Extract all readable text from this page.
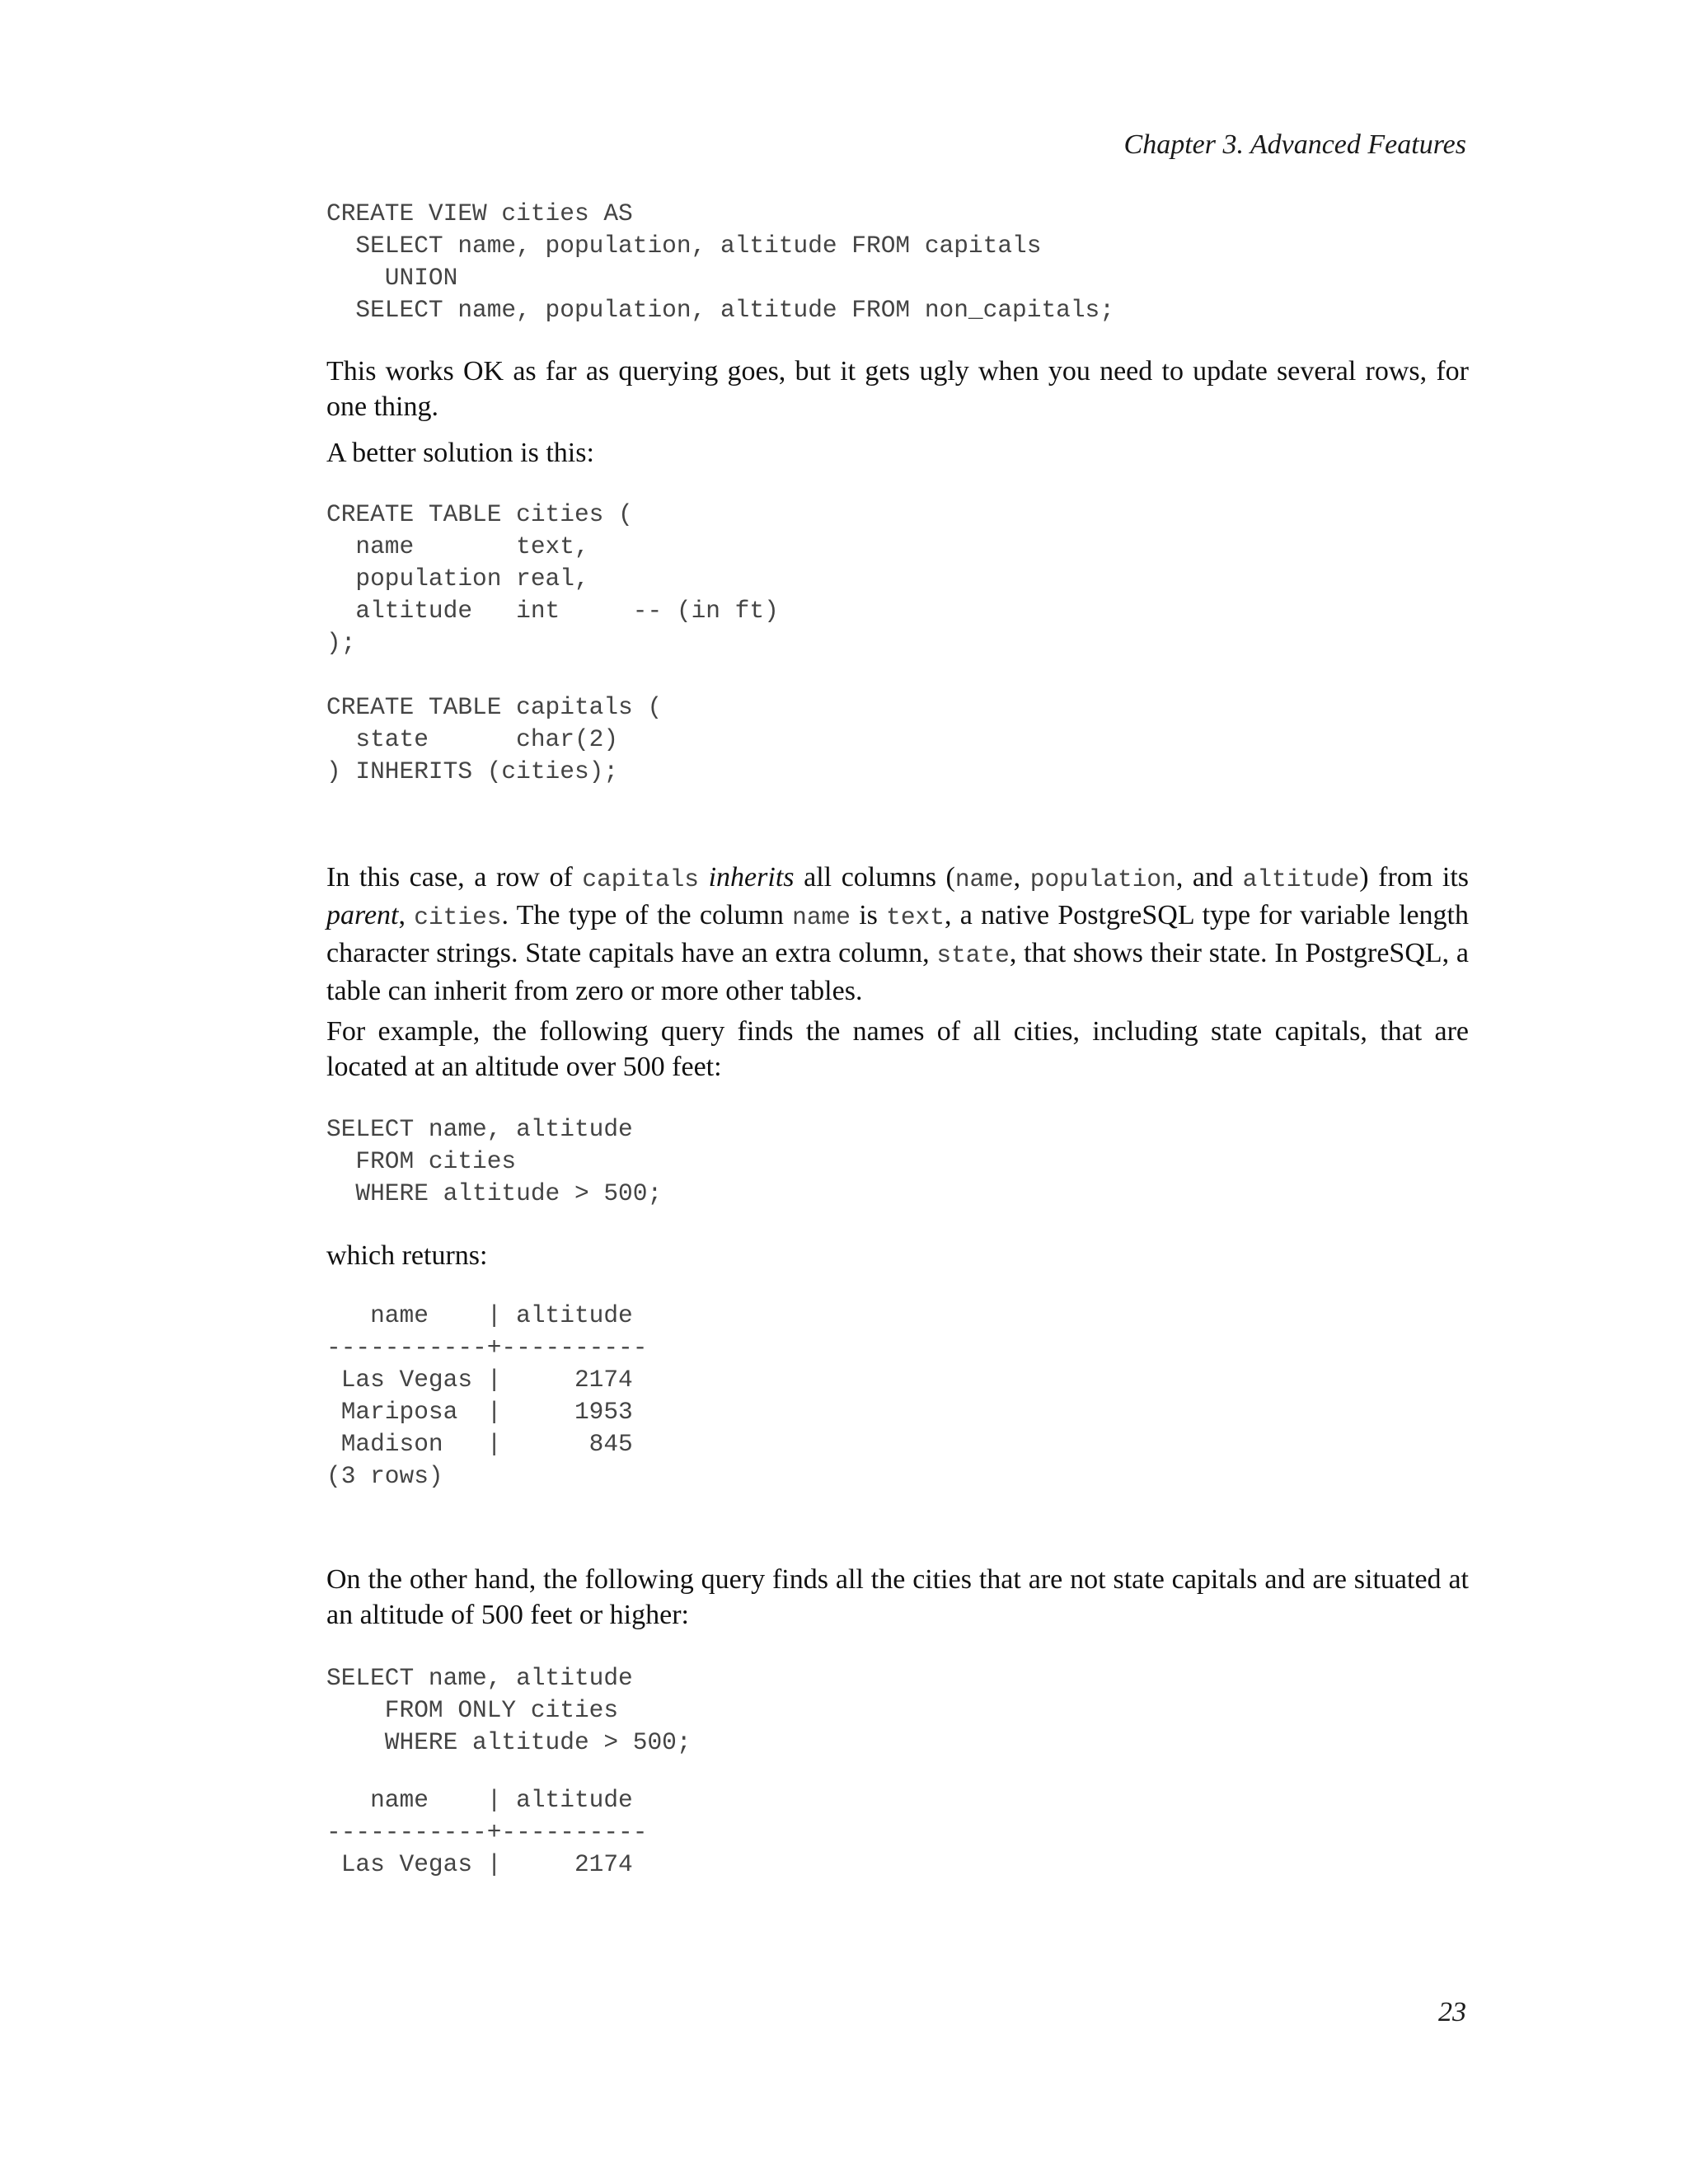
Chapter 3. Advanced Features
CREATE VIEW cities AS
SELECT name, population, altitude FROM capitals
UNION
SELECT name, population, altitude FROM non_capitals;

This works OK as far as querying goes, but it gets ugly when you need to update several rows, for one thing.

A better solution is this:

CREATE TABLE cities (
name       text,
population real,
altitude   int     -- (in ft)
);

CREATE TABLE capitals (
state      char(2)
) INHERITS (cities);

In this case, a row of capitals inherits all columns (name, population, and altitude) from its parent, cities. The type of the column name is text, a native PostgreSQL type for variable length character strings. State capitals have an extra column, state, that shows their state. In PostgreSQL, a table can inherit from zero or more other tables.

For example, the following query finds the names of all cities, including state capitals, that are located at an altitude over 500 feet:

SELECT name, altitude
FROM cities
WHERE altitude > 500;

which returns:

name    | altitude
-----------+----------
Las Vegas |     2174
Mariposa  |     1953
Madison   |      845
(3 rows)

On the other hand, the following query finds all the cities that are not state capitals and are situated at an altitude of 500 feet or higher:

SELECT name, altitude
FROM ONLY cities
WHERE altitude > 500;
name    | altitude
-----------+----------
Las Vegas |     2174
23
